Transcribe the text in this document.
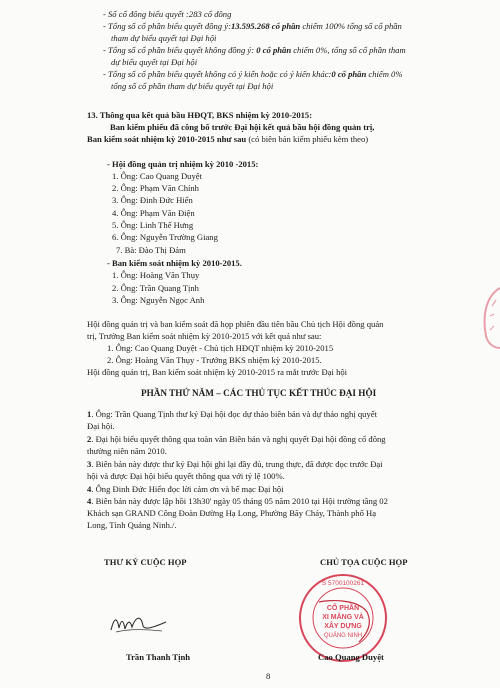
- Số cổ đông biểu quyết :283 cổ đông
- Tổng số cổ phần biểu quyết đồng ý:13.595.268 cổ phần chiếm 100% tổng số cổ phần
tham dự biểu quyết tại Đại hội
- Tổng số cổ phần biểu quyết không đồng ý: 0 cổ phần chiếm 0%, tổng số cổ phần tham
dự biểu quyết tại Đại hội
- Tổng số cổ phần biểu quyết không có ý kiến hoặc có ý kiến khác:0 cổ phần chiếm 0%
tổng số cổ phần tham dự biểu quyết tại Đại hội
13. Thông qua kết quả bầu HĐQT, BKS nhiệm kỳ 2010-2015:
Ban kiểm phiếu đã công bố trước Đại hội kết quả bầu hội đồng quản trị,
Ban kiểm soát nhiệm kỳ 2010-2015 như sau (có biên bản kiểm phiếu kèm theo)
- Hội đồng quản trị nhiệm kỳ 2010 -2015:
1. Ông: Cao Quang Duyệt
2. Ông: Phạm Văn Chính
3. Ông: Đinh Đức Hiển
4. Ông: Phạm Văn Điện
5. Ông: Linh Thế Hưng
6. Ông: Nguyễn Trường Giang
7. Bà: Đào Thị Đảm
- Ban kiểm soát nhiệm kỳ 2010-2015.
1. Ông: Hoàng Văn Thụy
2. Ông: Trần Quang Tịnh
3. Ông: Nguyễn Ngọc Anh
Hội đồng quản trị và ban kiểm soát đã họp phiên đầu tiên bầu Chủ tịch Hội đồng quản
trị, Trưởng Ban kiểm soát nhiệm kỳ 2010-2015 với kết quả như sau:
1. Ông: Cao Quang Duyệt - Chủ tịch HĐQT nhiệm kỳ 2010-2015
2. Ông: Hoàng Văn Thụy - Trưởng BKS nhiệm kỳ 2010-2015.
Hội đồng quản trị, Ban kiểm soát nhiệm kỳ 2010-2015 ra mắt trước Đại hội
PHẦN THỨ NĂM – CÁC THỦ TỤC KẾT THÚC ĐẠI HỘI
1. Ông: Trần Quang Tịnh thư ký Đại hội đọc dự thảo biên bản và dự thảo nghị quyết
Đại hội.
2. Đại hội biểu quyết thông qua toàn văn Biên bản và nghị quyết Đại hội đồng cổ đông
thường niên năm 2010.
3. Biên bản này được thư ký Đại hội ghi lại đầy đủ, trung thực, đã được đọc trước Đại
hội và được Đại hội biểu quyết thông qua với tỷ lệ 100%.
4. Ông Đinh Đức Hiển đọc lời cảm ơn và bế mạc Đại hội
4. Biên bản này được lập hồi 13h30' ngày 05 tháng 05 năm 2010 tại Hội trường tầng 02
Khách sạn GRAND Công Đoàn Đường Hạ Long, Phường Bãy Cháy, Thành phố Hạ
Long, Tỉnh Quảng Ninh./.
THƯ KÝ CUỘC HỌP	CHỦ TỌA CUỘC HỌP
S 5700100261
CỔ PHẦN
XI MĂNG VÀ
XÂY DỰNG
QUẢNG NINH
Trần Thanh Tịnh	Cao Quang Duyệt
8
